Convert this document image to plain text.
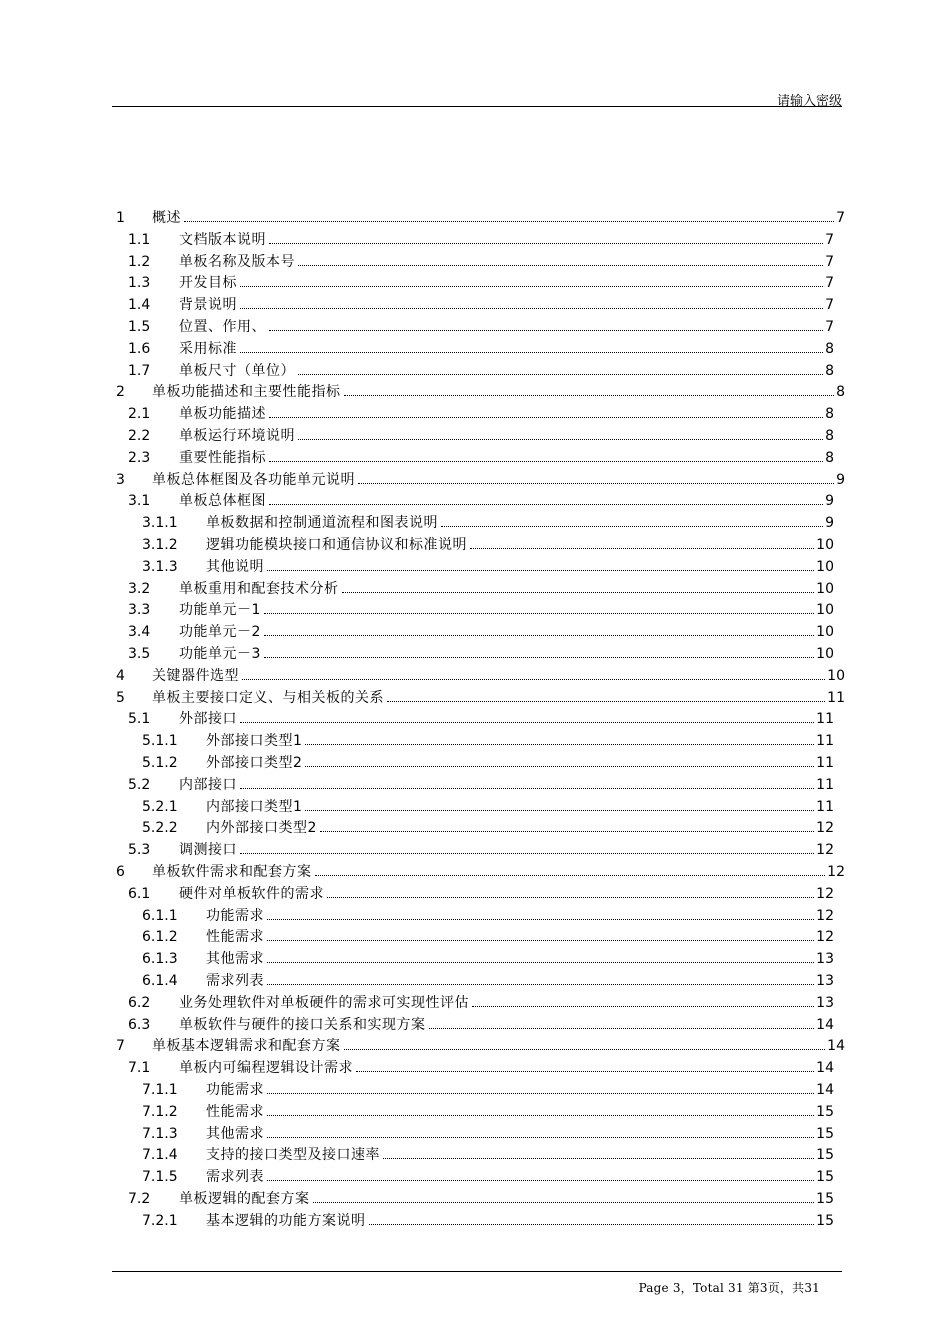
请输入密级
1 概述	7
1.1 文档版本说明	7
1.2 单板名称及版本号	7
1.3 开发目标	7
1.4 背景说明	7
1.5 位置、作用、	7
1.6 采用标准	8
1.7 单板尺寸（单位）	8
2 单板功能描述和主要性能指标	8
2.1 单板功能描述	8
2.2 单板运行环境说明	8
2.3 重要性能指标	8
3 单板总体框图及各功能单元说明	9
3.1 单板总体框图	9
3.1.1 单板数据和控制通道流程和图表说明	9
3.1.2 逻辑功能模块接口和通信协议和标准说明	10
3.1.3 其他说明	10
3.2 单板重用和配套技术分析	10
3.3 功能单元－1	10
3.4 功能单元－2	10
3.5 功能单元－3	10
4 关键器件选型	10
5 单板主要接口定义、与相关板的关系	11
5.1 外部接口	11
5.1.1 外部接口类型1	11
5.1.2 外部接口类型2	11
5.2 内部接口	11
5.2.1 内部接口类型1	11
5.2.2 内外部接口类型2	12
5.3 调测接口	12
6 单板软件需求和配套方案	12
6.1 硬件对单板软件的需求	12
6.1.1 功能需求	12
6.1.2 性能需求	12
6.1.3 其他需求	13
6.1.4 需求列表	13
6.2 业务处理软件对单板硬件的需求可实现性评估	13
6.3 单板软件与硬件的接口关系和实现方案	14
7 单板基本逻辑需求和配套方案	14
7.1 单板内可编程逻辑设计需求	14
7.1.1 功能需求	14
7.1.2 性能需求	15
7.1.3 其他需求	15
7.1.4 支持的接口类型及接口速率	15
7.1.5 需求列表	15
7.2 单板逻辑的配套方案	15
7.2.1 基本逻辑的功能方案说明	15
Page 3，Total 31 第3页，共31
